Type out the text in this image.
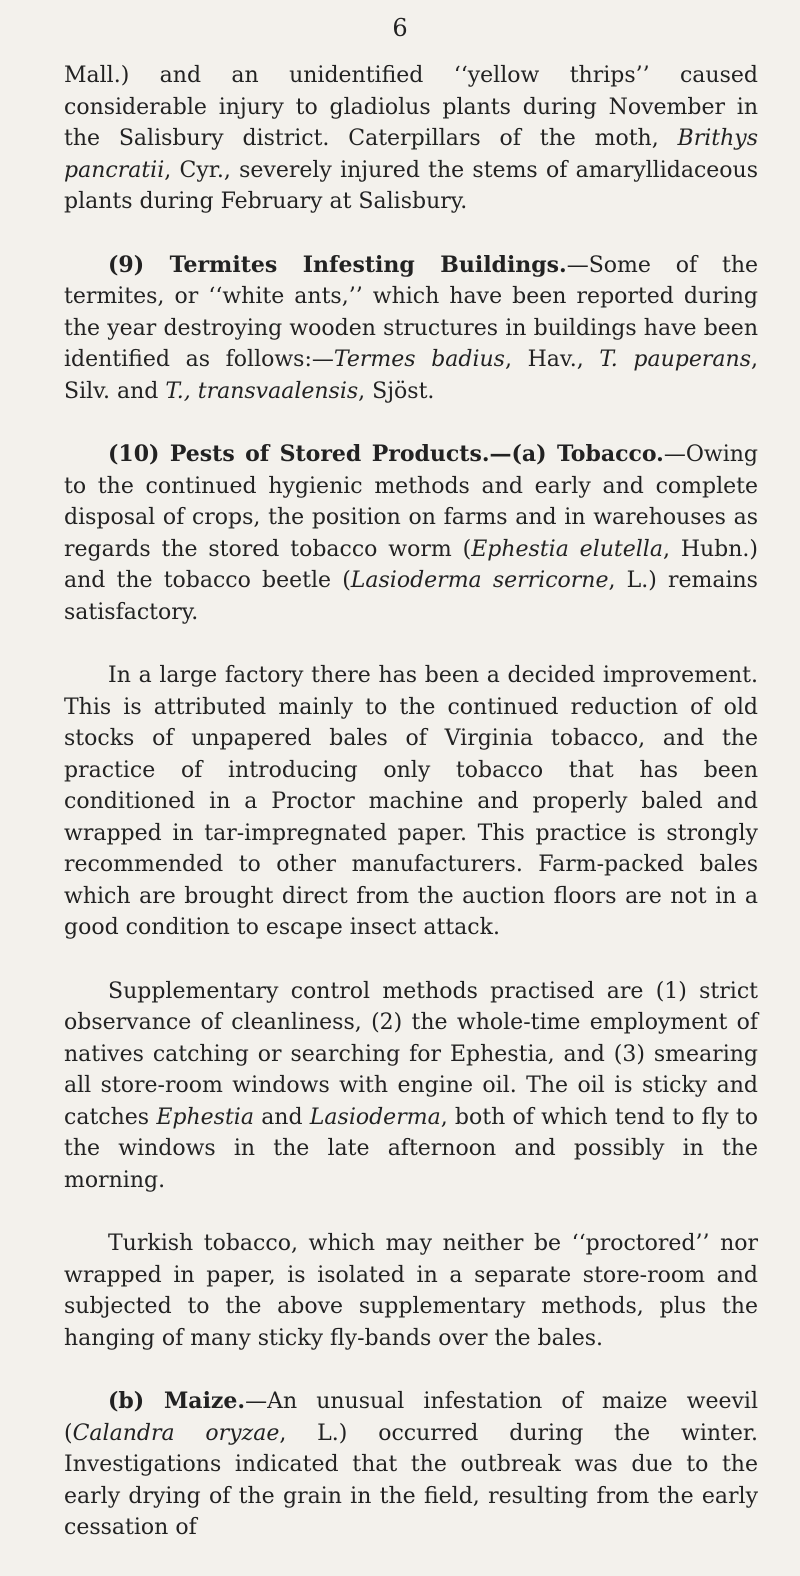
6

Mall.) and an unidentified ‘‘yellow thrips’’ caused considerable injury to gladiolus plants during November in the Salisbury district. Caterpillars of the moth, Brithys pancratii, Cyr., severely injured the stems of amaryllidaceous plants during February at Salisbury.

(9) Termites Infesting Buildings.—Some of the termites, or ‘‘white ants,’’ which have been reported during the year destroying wooden structures in buildings have been identified as follows:—Termes badius, Hav., T. pauperans, Silv. and T., transvaalensis, Sjöst.

(10) Pests of Stored Products.—(a) Tobacco.—Owing to the continued hygienic methods and early and complete disposal of crops, the position on farms and in warehouses as regards the stored tobacco worm (Ephestia elutella, Hubn.) and the tobacco beetle (Lasioderma serricorne, L.) remains satisfactory.

In a large factory there has been a decided improvement. This is attributed mainly to the continued reduction of old stocks of unpapered bales of Virginia tobacco, and the practice of introducing only tobacco that has been conditioned in a Proctor machine and properly baled and wrapped in tar-impregnated paper. This practice is strongly recommended to other manufacturers. Farm-packed bales which are brought direct from the auction floors are not in a good condition to escape insect attack.

Supplementary control methods practised are (1) strict observance of cleanliness, (2) the whole-time employment of natives catching or searching for Ephestia, and (3) smearing all store-room windows with engine oil. The oil is sticky and catches Ephestia and Lasioderma, both of which tend to fly to the windows in the late afternoon and possibly in the morning.

Turkish tobacco, which may neither be ‘‘proctored’’ nor wrapped in paper, is isolated in a separate store-room and subjected to the above supplementary methods, plus the hanging of many sticky fly-bands over the bales.

(b) Maize.—An unusual infestation of maize weevil (Calandra oryzae, L.) occurred during the winter. Investigations indicated that the outbreak was due to the early drying of the grain in the field, resulting from the early cessation of
